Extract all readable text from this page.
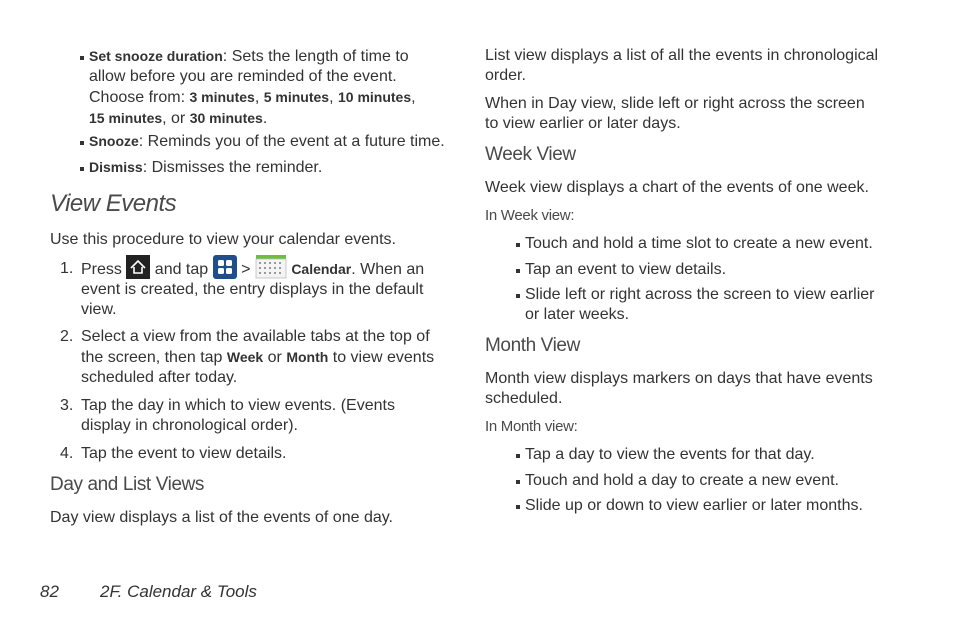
Set snooze duration: Sets the length of time to
allow before you are reminded of the event.
Choose from: 3 minutes, 5 minutes, 10 minutes,
15 minutes, or 30 minutes.
Snooze: Reminds you of the event at a future time.
Dismiss: Dismisses the reminder.
View Events
Use this procedure to view your calendar events.
1. Press  and tap  >	Calendar. When an
event is created, the entry displays in the default
view.
2. Select a view from the available tabs at the top of
the screen, then tap Week or Month to view events
scheduled after today.
3. Tap the day in which to view events. (Events
display in chronological order).
4. Tap the event to view details.
Day and List Views
Day view displays a list of the events of one day.
List view displays a list of all the events in chronological
order.
When in Day view, slide left or right across the screen
to view earlier or later days.
Week View
Week view displays a chart of the events of one week.
In Week view:
Touch and hold a time slot to create a new event.
Tap an event to view details.
Slide left or right across the screen to view earlier
or later weeks.
Month View
Month view displays markers on days that have events
scheduled.
In Month view:
Tap a day to view the events for that day.
Touch and hold a day to create a new event.
Slide up or down to view earlier or later months.
82 2F. Calendar & Tools
